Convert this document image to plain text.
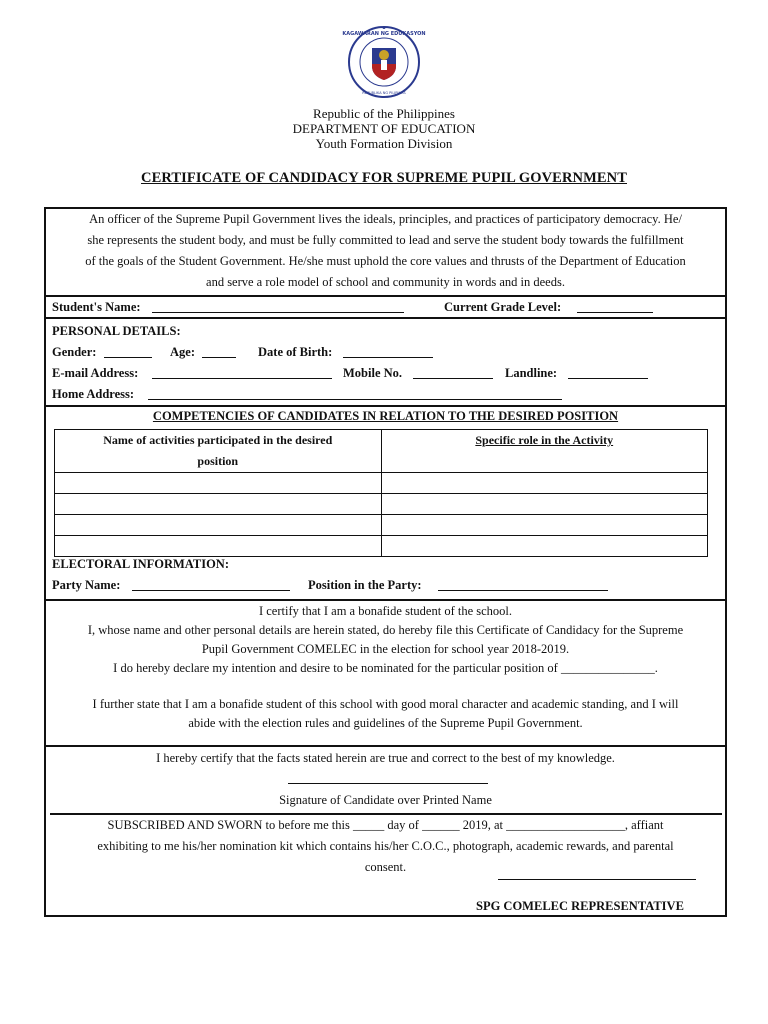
KAGAWARAN NG EDUKASYON
REPUBLIKA NG PILIPINAS
Republic of the Philippines
DEPARTMENT OF EDUCATION
Youth Formation Division
CERTIFICATE OF CANDIDACY FOR SUPREME PUPIL GOVERNMENT
An officer of the Supreme Pupil Government lives the ideals, principles, and practices of participatory democracy. He/
she represents the student body, and must be fully committed to lead and serve the student body towards the fulfillment
of the goals of the Student Government. He/she must uphold the core values and thrusts of the Department of Education
and serve a role model of school and community in words and in deeds.
Student's Name:	Current Grade Level:
PERSONAL DETAILS:
Gender:	Age:	Date of Birth:
E-mail Address:	Mobile No.	Landline:
Home Address:
COMPETENCIES OF CANDIDATES IN RELATION TO THE DESIRED POSITION
Name of activities participated in the desired
position	Specific role in the Activity

ELECTORAL INFORMATION:
Party Name:	Position in the Party:

I certify that I am a bonafide student of the school.

I, whose name and other personal details are herein stated, do hereby file this Certificate of Candidacy for the Supreme

Pupil Government COMELEC in the election for school year 2018-2019.

I do hereby declare my intention and desire to be nominated for the particular position of _______________.

I further state that I am a bonafide student of this school with good moral character and academic standing, and I will

abide with the election rules and guidelines of the Supreme Pupil Government.

I hereby certify that the facts stated herein are true and correct to the best of my knowledge.

Signature of Candidate over Printed Name

SUBSCRIBED AND SWORN to before me this _____ day of ______ 2019, at ___________________, affiant
exhibiting to me his/her nomination kit which contains his/her C.O.C., photograph, academic rewards, and parental
consent.
SPG COMELEC REPRESENTATIVE
